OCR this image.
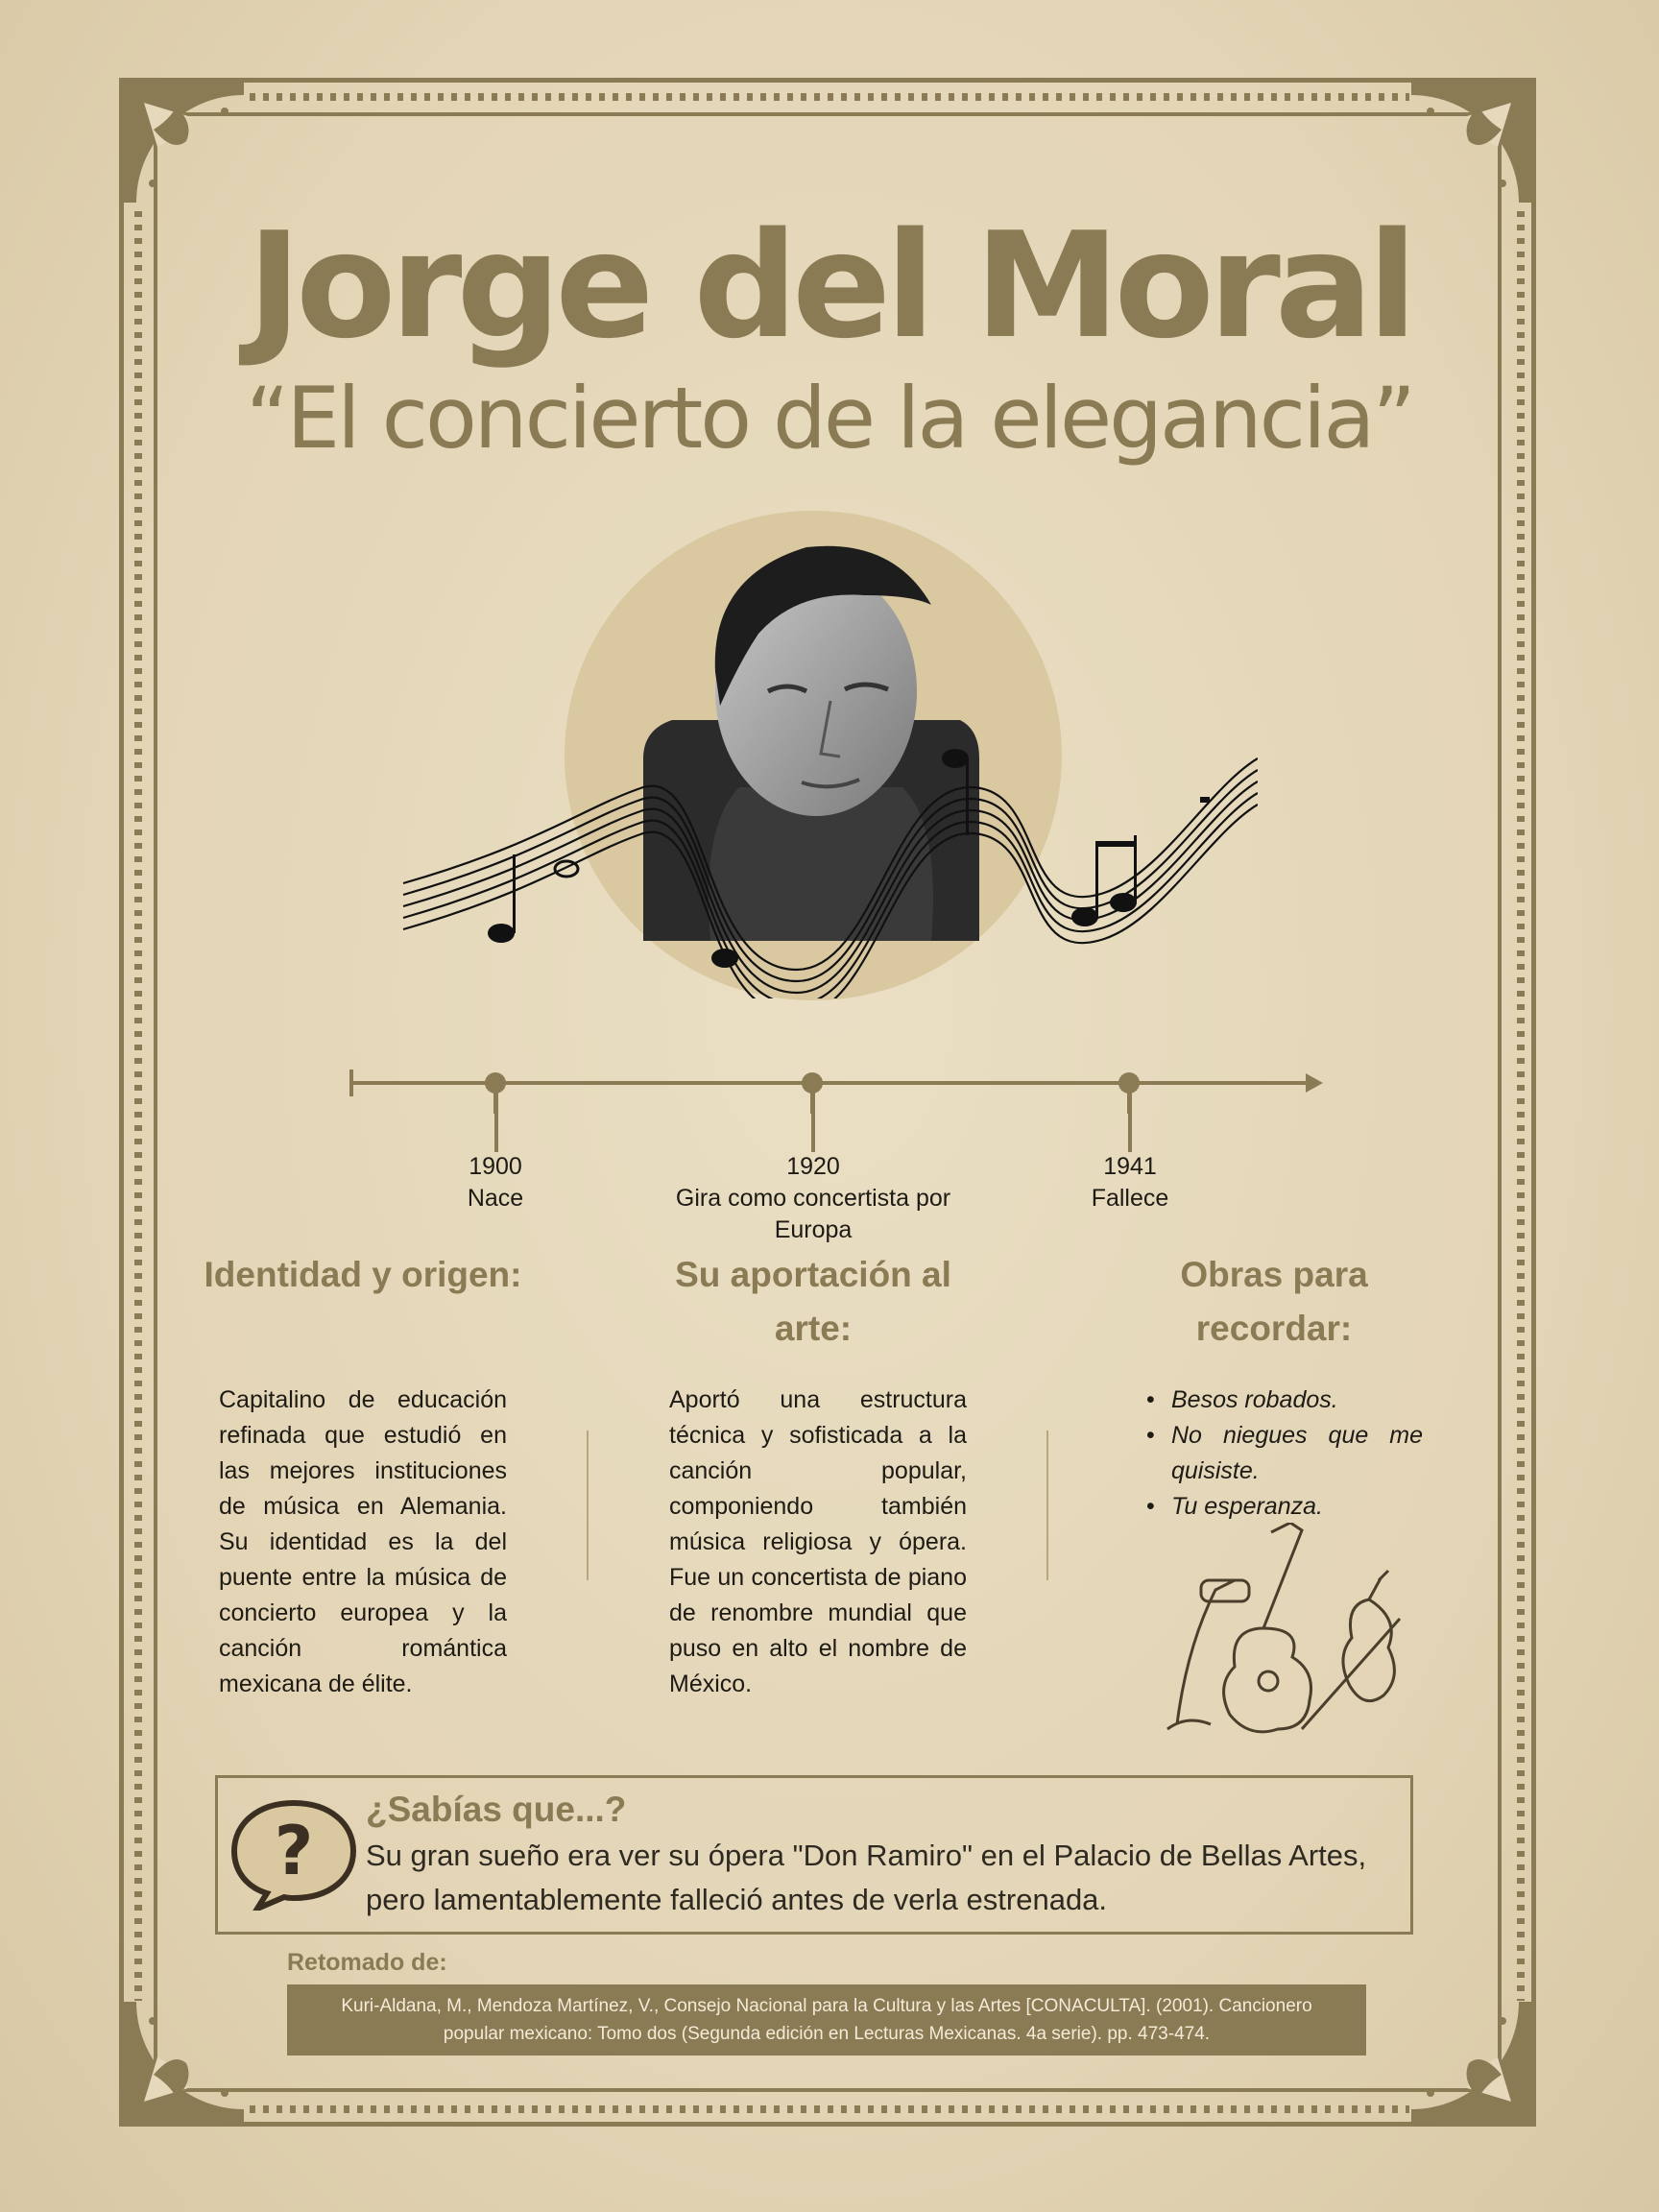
Jorge del Moral
“El concierto de la elegancia”
1900
Nace
1920
Gira como concertista por Europa
1941
Fallece
Identidad y origen:	Su aportación al arte:
Obras para recordar:
Capitalino de educación refinada que estudió en las mejores instituciones de música en Alemania. Su identidad es la del puente entre la música de concierto europea y la canción romántica mexicana de élite.
Aportó una estructura técnica y sofisticada a la canción popular, componiendo también música religiosa y ópera. Fue un concertista de piano de renombre mundial que puso en alto el nombre de México.
• Besos robados.
• No niegues que me quisiste.
• Tu esperanza.
?
¿Sabías que...?
Su gran sueño era ver su ópera "Don Ramiro" en el Palacio de Bellas Artes, pero lamentablemente falleció antes de verla estrenada.
Retomado de:
Kuri-Aldana, M., Mendoza Martínez, V., Consejo Nacional para la Cultura y las Artes [CONACULTA]. (2001). Cancionero popular mexicano: Tomo dos (Segunda edición en Lecturas Mexicanas. 4a serie). pp. 473-474.
